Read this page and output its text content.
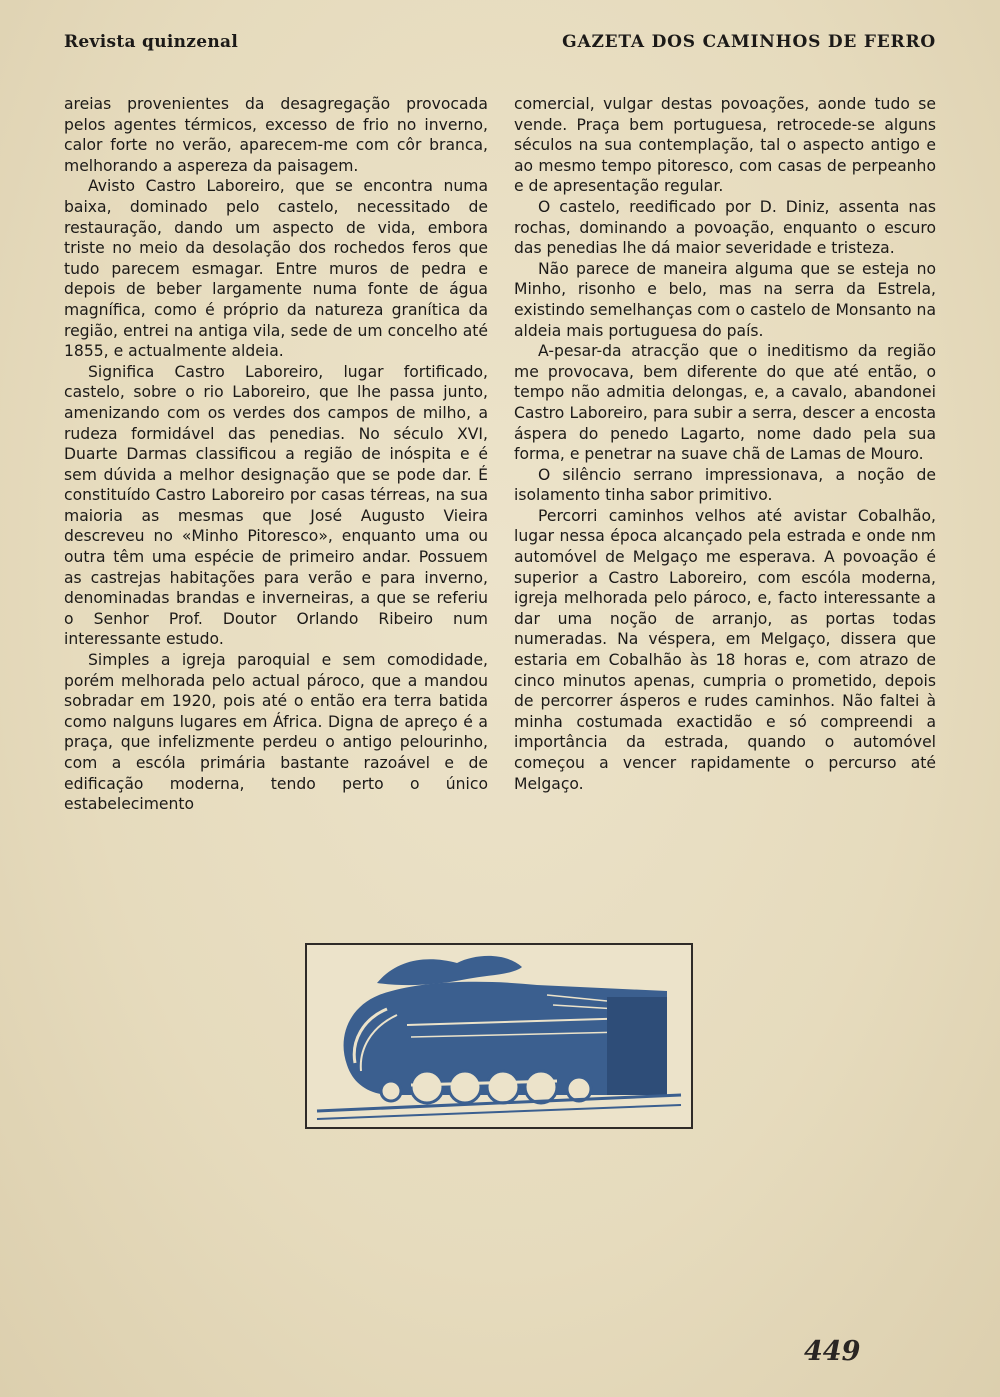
Revista quinzenal	GAZETA DOS CAMINHOS DE FERRO

areias provenientes da desagregação provocada pelos agentes térmicos, excesso de frio no inverno, calor forte no verão, aparecem-me com côr branca, melhorando a aspereza da paisagem.

Avisto Castro Laboreiro, que se encontra numa baixa, dominado pelo castelo, necessitado de restauração, dando um aspecto de vida, embora triste no meio da desolação dos rochedos feros que tudo parecem esmagar. Entre muros de pedra e depois de beber largamente numa fonte de água magnífica, como é próprio da natureza granítica da região, entrei na antiga vila, sede de um concelho até 1855, e actualmente aldeia.

Significa Castro Laboreiro, lugar fortificado, castelo, sobre o rio Laboreiro, que lhe passa junto, amenizando com os verdes dos campos de milho, a rudeza formidável das penedias. No século XVI, Duarte Darmas classificou a região de inóspita e é sem dúvida a melhor designação que se pode dar. É constituído Castro Laboreiro por casas térreas, na sua maioria as mesmas que José Augusto Vieira descreveu no «Minho Pitoresco», enquanto uma ou outra têm uma espécie de primeiro andar. Possuem as castrejas habitações para verão e para inverno, denominadas brandas e inverneiras, a que se referiu o Senhor Prof. Doutor Orlando Ribeiro num interessante estudo.

Simples a igreja paroquial e sem comodidade, porém melhorada pelo actual pároco, que a mandou sobradar em 1920, pois até o então era terra batida como nalguns lugares em África. Digna de apreço é a praça, que infelizmente perdeu o antigo pelourinho, com a escóla primária bastante razoável e de edificação moderna, tendo perto o único estabelecimento

comercial, vulgar destas povoações, aonde tudo se vende. Praça bem portuguesa, retrocede-se alguns séculos na sua contemplação, tal o aspecto antigo e ao mesmo tempo pitoresco, com casas de perpeanho e de apresentação regular.

O castelo, reedificado por D. Diniz, assenta nas rochas, dominando a povoação, enquanto o escuro das penedias lhe dá maior severidade e tristeza.

Não parece de maneira alguma que se esteja no Minho, risonho e belo, mas na serra da Estrela, existindo semelhanças com o castelo de Monsanto na aldeia mais portuguesa do país.

A-pesar-da atracção que o ineditismo da região me provocava, bem diferente do que até então, o tempo não admitia delongas, e, a cavalo, abandonei Castro Laboreiro, para subir a serra, descer a encosta áspera do penedo Lagarto, nome dado pela sua forma, e penetrar na suave chã de Lamas de Mouro.

O silêncio serrano impressionava, a noção de isolamento tinha sabor primitivo.

Percorri caminhos velhos até avistar Cobalhão, lugar nessa época alcançado pela estrada e onde nm automóvel de Melgaço me esperava. A povoação é superior a Castro Laboreiro, com escóla moderna, igreja melhorada pelo pároco, e, facto interessante a dar uma noção de arranjo, as portas todas numeradas. Na véspera, em Melgaço, dissera que estaria em Cobalhão às 18 horas e, com atrazo de cinco minutos apenas, cumpria o prometido, depois de percorrer ásperos e rudes caminhos. Não faltei à minha costumada exactidão e só compreendi a importância da estrada, quando o automóvel começou a vencer rapidamente o percurso até Melgaço.

449
